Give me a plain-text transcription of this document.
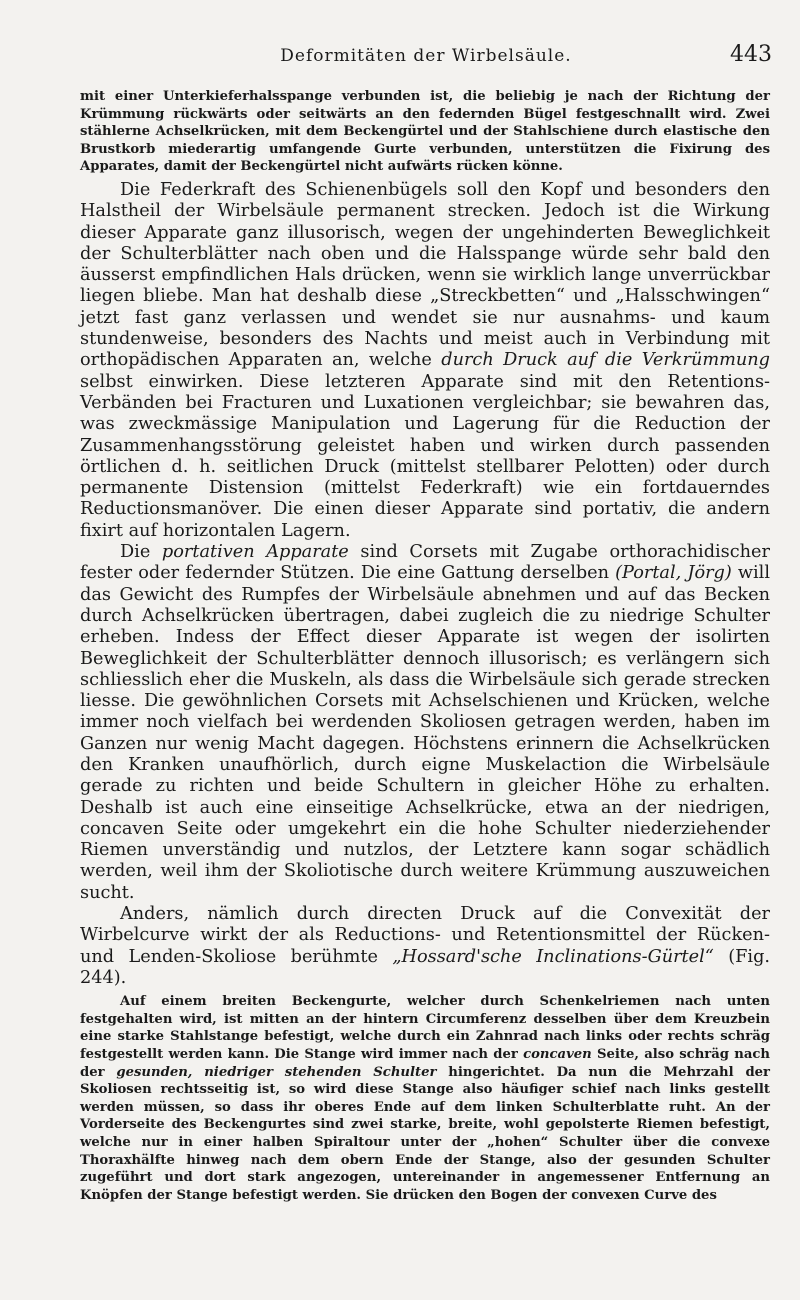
Deformitäten der Wirbelsäule.	443

mit einer Unterkieferhalsspange verbunden ist, die beliebig je nach der Richtung der Krümmung rückwärts oder seitwärts an den federnden Bügel festgeschnallt wird. Zwei stählerne Achselkrücken, mit dem Beckengürtel und der Stahlschiene durch elastische den Brustkorb miederartig umfangende Gurte verbunden, unterstützen die Fixirung des Apparates, damit der Beckengürtel nicht aufwärts rücken könne.

Die Federkraft des Schienenbügels soll den Kopf und besonders den Halstheil der Wirbelsäule permanent strecken. Jedoch ist die Wirkung dieser Apparate ganz illusorisch, wegen der ungehinderten Beweglichkeit der Schulterblätter nach oben und die Halsspange würde sehr bald den äusserst empfindlichen Hals drücken, wenn sie wirklich lange unverrückbar liegen bliebe. Man hat deshalb diese „Streckbetten“ und „Halsschwingen“ jetzt fast ganz verlassen und wendet sie nur ausnahms- und kaum stundenweise, besonders des Nachts und meist auch in Verbindung mit orthopädischen Apparaten an, welche durch Druck auf die Verkrümmung selbst einwirken. Diese letzteren Apparate sind mit den Retentions-Verbänden bei Fracturen und Luxationen vergleichbar; sie bewahren das, was zweckmässige Manipulation und Lagerung für die Reduction der Zusammenhangsstörung geleistet haben und wirken durch passenden örtlichen d. h. seitlichen Druck (mittelst stellbarer Pelotten) oder durch permanente Distension (mittelst Federkraft) wie ein fortdauerndes Reductionsmanöver. Die einen dieser Apparate sind portativ, die andern fixirt auf horizontalen Lagern.

Die portativen Apparate sind Corsets mit Zugabe orthorachidischer fester oder federnder Stützen. Die eine Gattung derselben (Portal, Jörg) will das Gewicht des Rumpfes der Wirbelsäule abnehmen und auf das Becken durch Achselkrücken übertragen, dabei zugleich die zu niedrige Schulter erheben. Indess der Effect dieser Apparate ist wegen der isolirten Beweglichkeit der Schulterblätter dennoch illusorisch; es verlängern sich schliesslich eher die Muskeln, als dass die Wirbelsäule sich gerade strecken liesse. Die gewöhnlichen Corsets mit Achselschienen und Krücken, welche immer noch vielfach bei werdenden Skoliosen getragen werden, haben im Ganzen nur wenig Macht dagegen. Höchstens erinnern die Achselkrücken den Kranken unaufhörlich, durch eigne Muskelaction die Wirbelsäule gerade zu richten und beide Schultern in gleicher Höhe zu erhalten. Deshalb ist auch eine einseitige Achselkrücke, etwa an der niedrigen, concaven Seite oder umgekehrt ein die hohe Schulter niederziehender Riemen unverständig und nutzlos, der Letztere kann sogar schädlich werden, weil ihm der Skoliotische durch weitere Krümmung auszuweichen sucht.

Anders, nämlich durch directen Druck auf die Convexität der Wirbelcurve wirkt der als Reductions- und Retentionsmittel der Rücken- und Lenden-Skoliose berühmte „Hossard'sche Inclinations-Gürtel“ (Fig. 244).

Auf einem breiten Beckengurte, welcher durch Schenkelriemen nach unten festgehalten wird, ist mitten an der hintern Circumferenz desselben über dem Kreuzbein eine starke Stahlstange befestigt, welche durch ein Zahnrad nach links oder rechts schräg festgestellt werden kann. Die Stange wird immer nach der concaven Seite, also schräg nach der gesunden, niedriger stehenden Schulter hingerichtet. Da nun die Mehrzahl der Skoliosen rechtsseitig ist, so wird diese Stange also häufiger schief nach links gestellt werden müssen, so dass ihr oberes Ende auf dem linken Schulterblatte ruht. An der Vorderseite des Beckengurtes sind zwei starke, breite, wohl gepolsterte Riemen befestigt, welche nur in einer halben Spiraltour unter der „hohen“ Schulter über die convexe Thoraxhälfte hinweg nach dem obern Ende der Stange, also der gesunden Schulter zugeführt und dort stark angezogen, untereinander in angemessener Entfernung an Knöpfen der Stange befestigt werden. Sie drücken den Bogen der convexen Curve des
